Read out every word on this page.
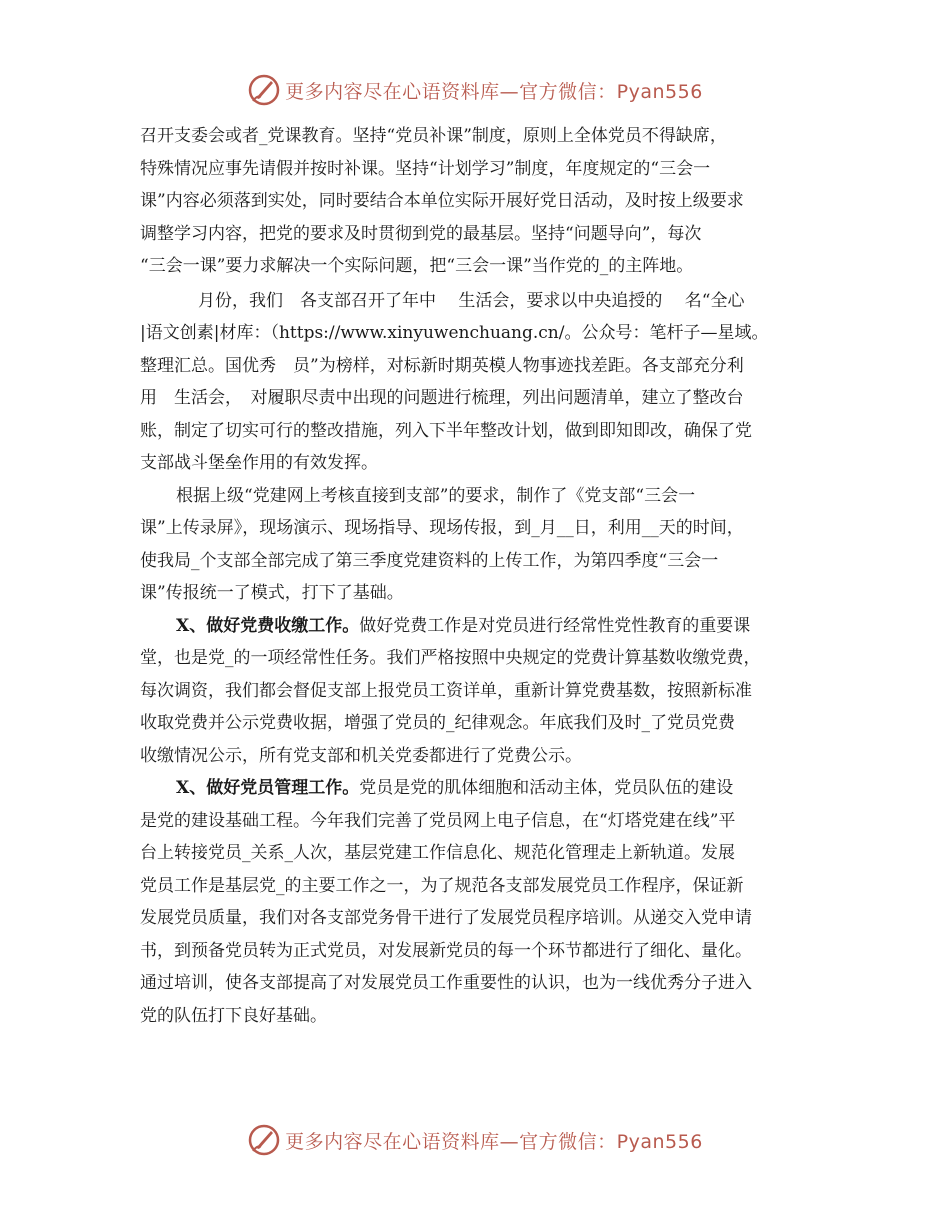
更多内容尽在心语资料库—官方微信：Pyan556
召开支委会或者_党课教育。坚持“党员补课”制度，原则上全体党员不得缺席，
特殊情况应事先请假并按时补课。坚持“计划学习”制度，年度规定的“三会一
课”内容必须落到实处，同时要结合本单位实际开展好党日活动，及时按上级要求
调整学习内容，把党的要求及时贯彻到党的最基层。坚持“问题导向”，每次
“三会一课”要力求解决一个实际问题，把“三会一课”当作党的_的主阵地。
月份，我们　各支部召开了年中　 生活会，要求以中央追授的　 名“全心
|语文创素|材库：（https://www.xinyuwenchuang.cn/。公众号：笔杆子—星域。
整理汇总。国优秀　员”为榜样，对标新时期英模人物事迹找差距。各支部充分利
用　生活会，　对履职尽责中出现的问题进行梳理，列出问题清单，建立了整改台
账，制定了切实可行的整改措施，列入下半年整改计划，做到即知即改，确保了党
支部战斗堡垒作用的有效发挥。
根据上级“党建网上考核直接到支部”的要求，制作了《党支部“三会一
课”上传录屏》，现场演示、现场指导、现场传报，到_月__日，利用__天的时间，
使我局_个支部全部完成了第三季度党建资料的上传工作，为第四季度“三会一
课”传报统一了模式，打下了基础。
X、做好党费收缴工作。做好党费工作是对党员进行经常性党性教育的重要课
堂，也是党_的一项经常性任务。我们严格按照中央规定的党费计算基数收缴党费，
每次调资，我们都会督促支部上报党员工资详单，重新计算党费基数，按照新标准
收取党费并公示党费收据，增强了党员的_纪律观念。年底我们及时_了党员党费
收缴情况公示，所有党支部和机关党委都进行了党费公示。
X、做好党员管理工作。党员是党的肌体细胞和活动主体，党员队伍的建设
是党的建设基础工程。今年我们完善了党员网上电子信息，在“灯塔党建在线”平
台上转接党员_关系_人次，基层党建工作信息化、规范化管理走上新轨道。发展
党员工作是基层党_的主要工作之一，为了规范各支部发展党员工作程序，保证新
发展党员质量，我们对各支部党务骨干进行了发展党员程序培训。从递交入党申请
书，到预备党员转为正式党员，对发展新党员的每一个环节都进行了细化、量化。
通过培训，使各支部提高了对发展党员工作重要性的认识，也为一线优秀分子进入
党的队伍打下良好基础。
更多内容尽在心语资料库—官方微信：Pyan556
